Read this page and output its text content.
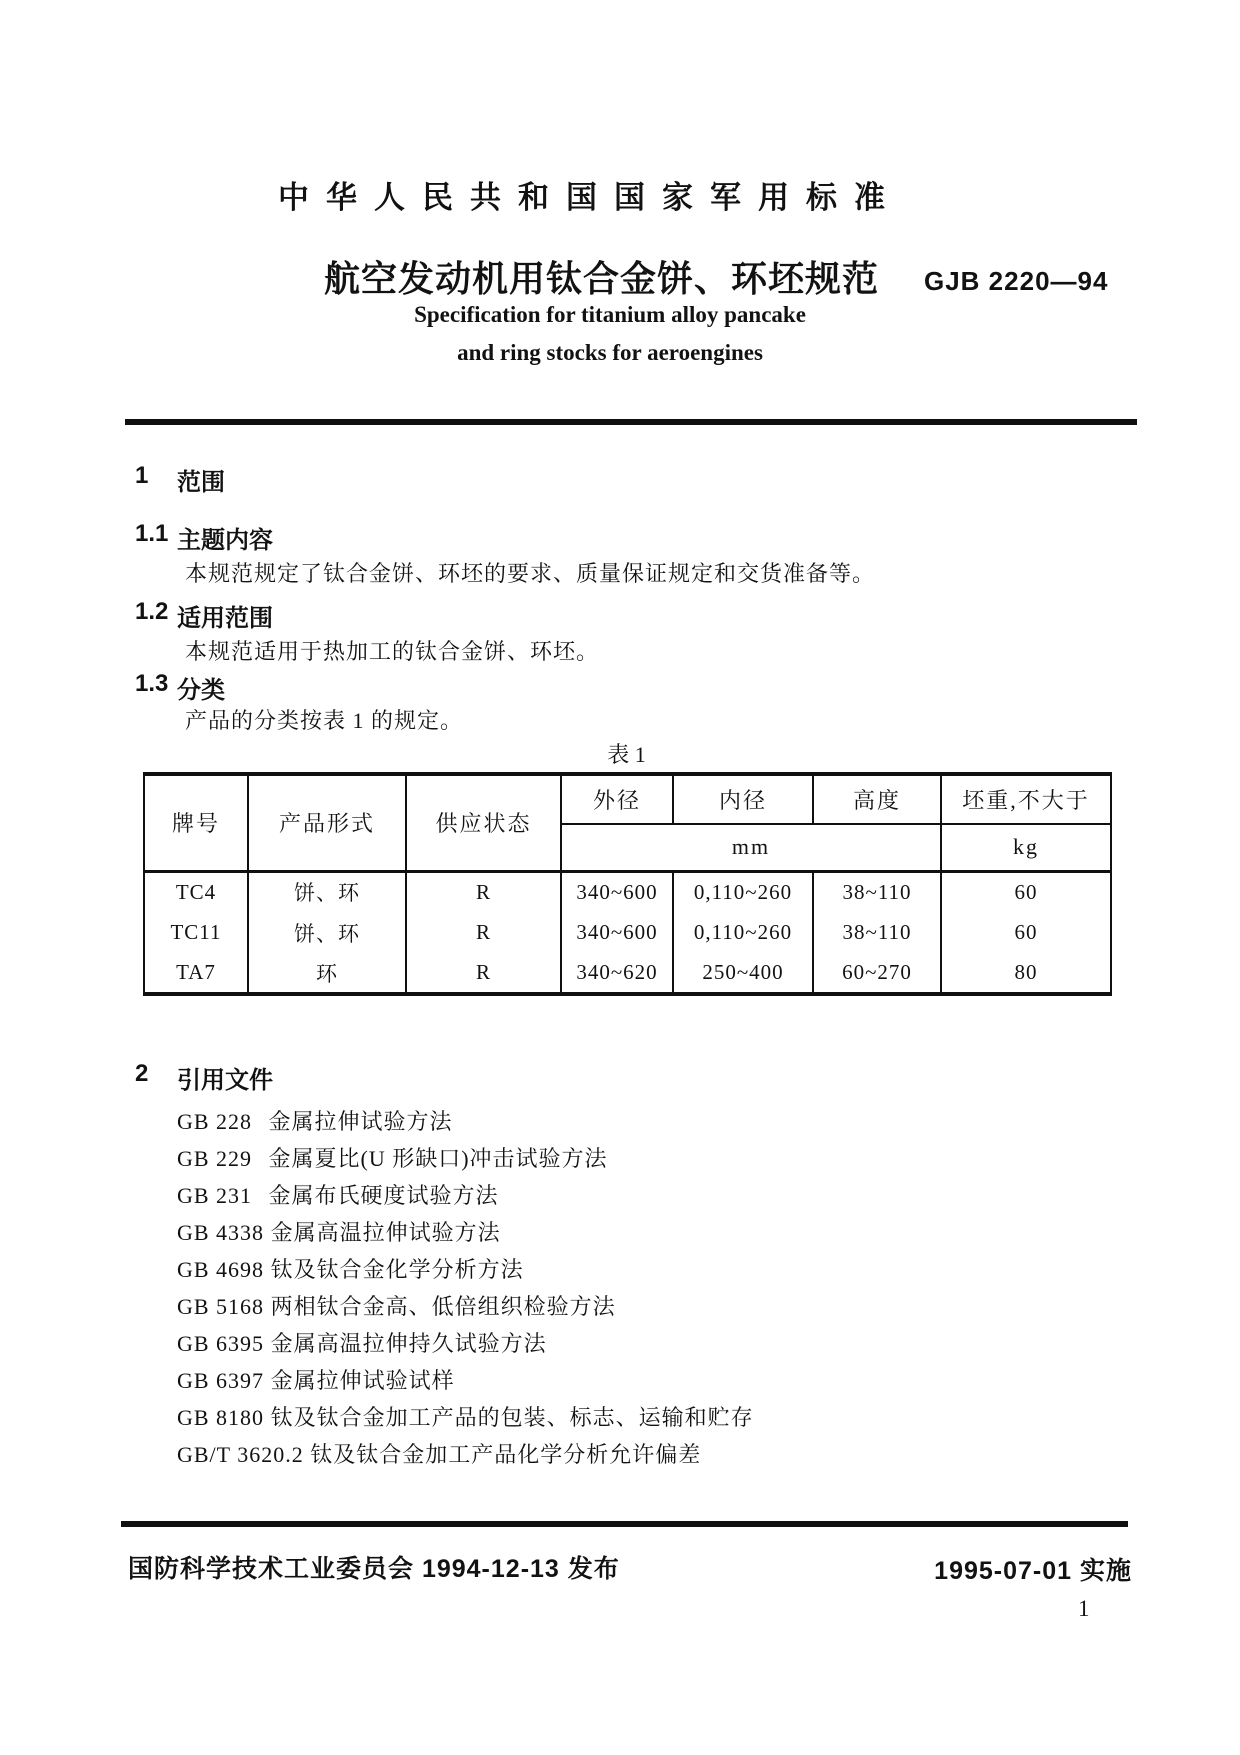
中华人民共和国国家军用标准
航空发动机用钛合金饼、环坯规范 GJB 2220—94
Specification for titanium alloy pancake
and ring stocks for aeroengines
1	范围
1.1 主题内容
本规范规定了钛合金饼、环坯的要求、质量保证规定和交货准备等。
1.2 适用范围
本规范适用于热加工的钛合金饼、环坯。
1.3 分类
产品的分类按表 1 的规定。
表 1
牌号	产品形式	供应状态	外径	内径	高度	坯重,不大于
			mm			kg
TC4	饼、环	R	340~600	0,110~260	38~110	60
TC11	饼、环	R	340~600	0,110~260	38~110	60
TA7	环	R	340~620	250~400	60~270	80
2	引用文件
GB 228 金属拉伸试验方法
GB 229 金属夏比(U 形缺口)冲击试验方法
GB 231 金属布氏硬度试验方法
GB 4338 金属高温拉伸试验方法
GB 4698 钛及钛合金化学分析方法
GB 5168 两相钛合金高、低倍组织检验方法
GB 6395 金属高温拉伸持久试验方法
GB 6397 金属拉伸试验试样
GB 8180 钛及钛合金加工产品的包装、标志、运输和贮存
GB/T 3620.2 钛及钛合金加工产品化学分析允许偏差
国防科学技术工业委员会 1994-12-13 发布	1995-07-01 实施
1
